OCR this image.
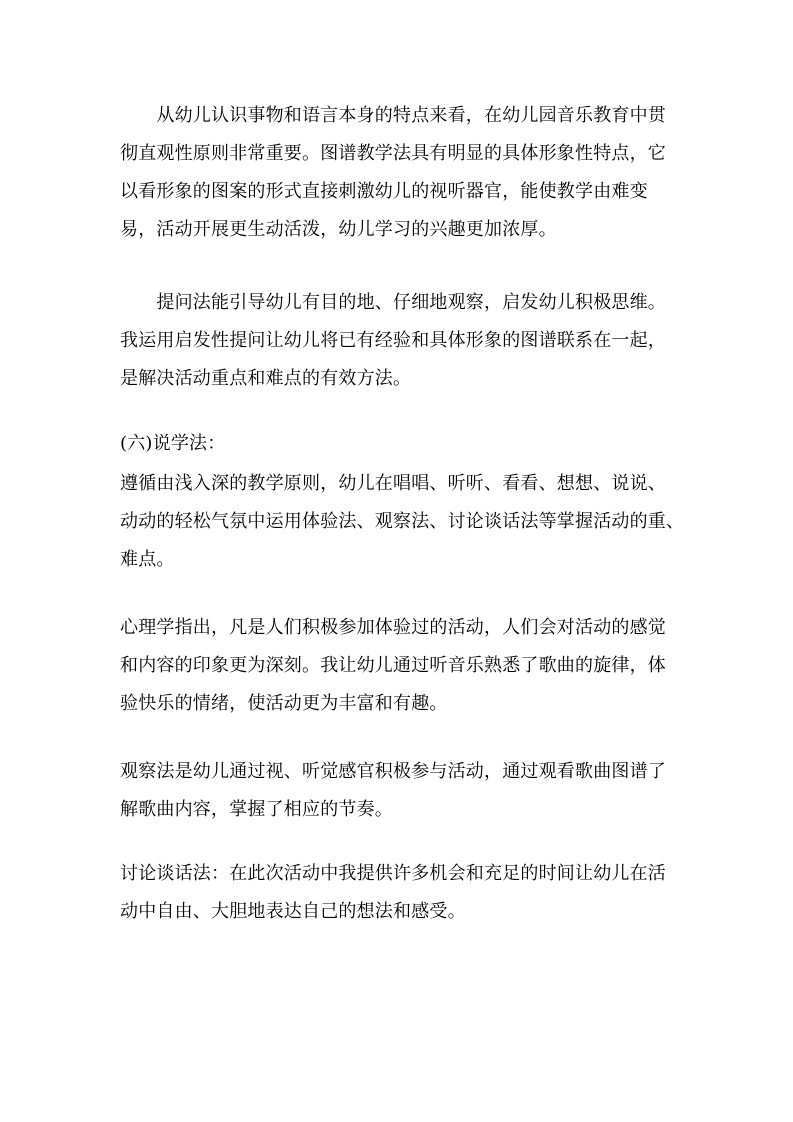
　　从幼儿认识事物和语言本身的特点来看，在幼儿园音乐教育中贯
彻直观性原则非常重要。图谱教学法具有明显的具体形象性特点，它
以看形象的图案的形式直接刺激幼儿的视听器官，能使教学由难变
易，活动开展更生动活泼，幼儿学习的兴趣更加浓厚。
　　提问法能引导幼儿有目的地、仔细地观察，启发幼儿积极思维。
我运用启发性提问让幼儿将已有经验和具体形象的图谱联系在一起，
是解决活动重点和难点的有效方法。
(六)说学法：
遵循由浅入深的教学原则，幼儿在唱唱、听听、看看、想想、说说、
动动的轻松气氛中运用体验法、观察法、讨论谈话法等掌握活动的重、
难点。
心理学指出，凡是人们积极参加体验过的活动，人们会对活动的感觉
和内容的印象更为深刻。我让幼儿通过听音乐熟悉了歌曲的旋律，体
验快乐的情绪，使活动更为丰富和有趣。
观察法是幼儿通过视、听觉感官积极参与活动，通过观看歌曲图谱了
解歌曲内容，掌握了相应的节奏。
讨论谈话法：在此次活动中我提供许多机会和充足的时间让幼儿在活
动中自由、大胆地表达自己的想法和感受。
